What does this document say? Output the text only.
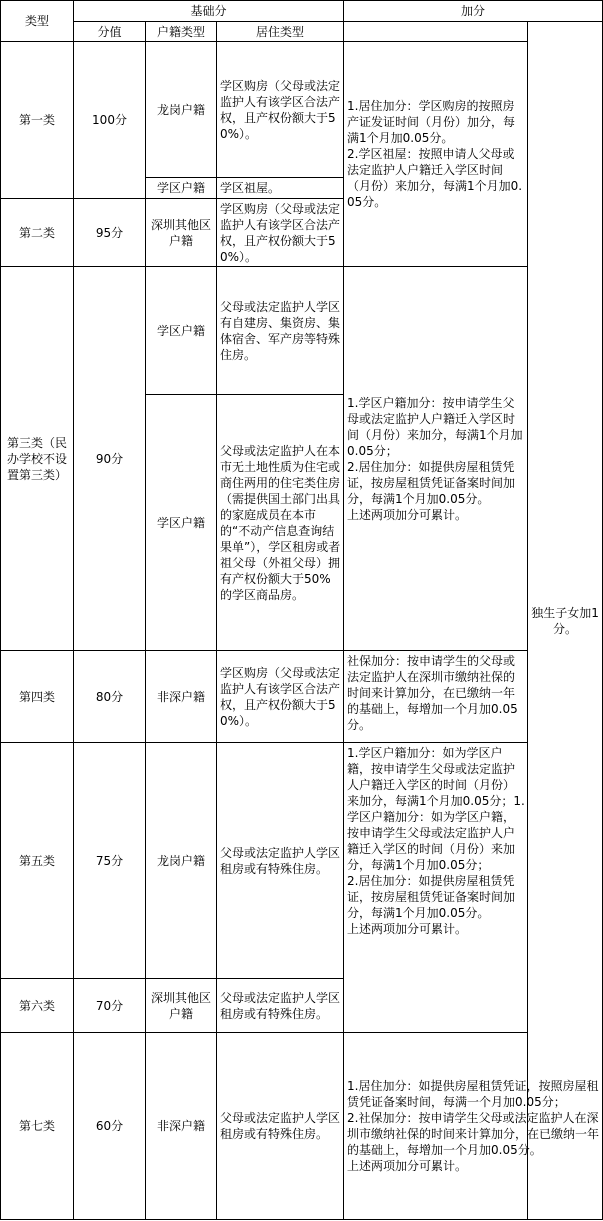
类型	基础分			加分	
	分值	户籍类型	居住类型		独生子女加1分。
第一类	100分	龙岗户籍	学区购房（父母或法定监护人有该学区合法产权，且产权份额大于50%）。	1.居住加分：学区购房的按照房产证发证时间（月份）加分，每满1个月加0.05分。
2.学区祖屋：按照申请人父母或法定监护人户籍迁入学区时间（月份）来加分，每满1个月加0.05分。	
		学区户籍	学区祖屋。		
第二类	95分	深圳其他区户籍	学区购房（父母或法定监护人有该学区合法产权，且产权份额大于50%）。		
第三类（民办学校不设置第三类）	90分	学区户籍	父母或法定监护人学区有自建房、集资房、集体宿舍、军产房等特殊住房。	1.学区户籍加分：按申请学生父母或法定监护人户籍迁入学区时间（月份）来加分，每满1个月加0.05分；
2.居住加分：如提供房屋租赁凭证，按房屋租赁凭证备案时间加分，每满1个月加0.05分。
上述两项加分可累计。	
		学区户籍	父母或法定监护人在本市无土地性质为住宅或商住两用的住宅类住房（需提供国土部门出具的家庭成员在本市的“不动产信息查询结果单”），学区租房或者祖父母（外祖父母）拥有产权份额大于50%的学区商品房。		
第四类	80分	非深户籍	学区购房（父母或法定监护人有该学区合法产权，且产权份额大于50%）。	社保加分：按申请学生的父母或法定监护人在深圳市缴纳社保的时间来计算加分，在已缴纳一年的基础上，每增加一个月加0.05分。	
第五类	75分	龙岗户籍	父母或法定监护人学区租房或有特殊住房。	1.学区户籍加分：如为学区户籍，按申请学生父母或法定监护人户籍迁入学区的时间（月份）来加分，每满1个月加0.05分；1.学区户籍加分：如为学区户籍，按申请学生父母或法定监护人户籍迁入学区的时间（月份）来加分，每满1个月加0.05分；
2.居住加分：如提供房屋租赁凭证，按房屋租赁凭证备案时间加分，每满1个月加0.05分。
上述两项加分可累计。	
第六类	70分	深圳其他区户籍	父母或法定监护人学区租房或有特殊住房。		
第七类	60分	非深户籍	父母或法定监护人学区租房或有特殊住房。	1.居住加分：如提供房屋租赁凭证，按照房屋租赁凭证备案时间，每满一个月加0.05分；
2.社保加分：按申请学生父母或法定监护人在深圳市缴纳社保的时间来计算加分，在已缴纳一年的基础上，每增加一个月加0.05分。
上述两项加分可累计。	
